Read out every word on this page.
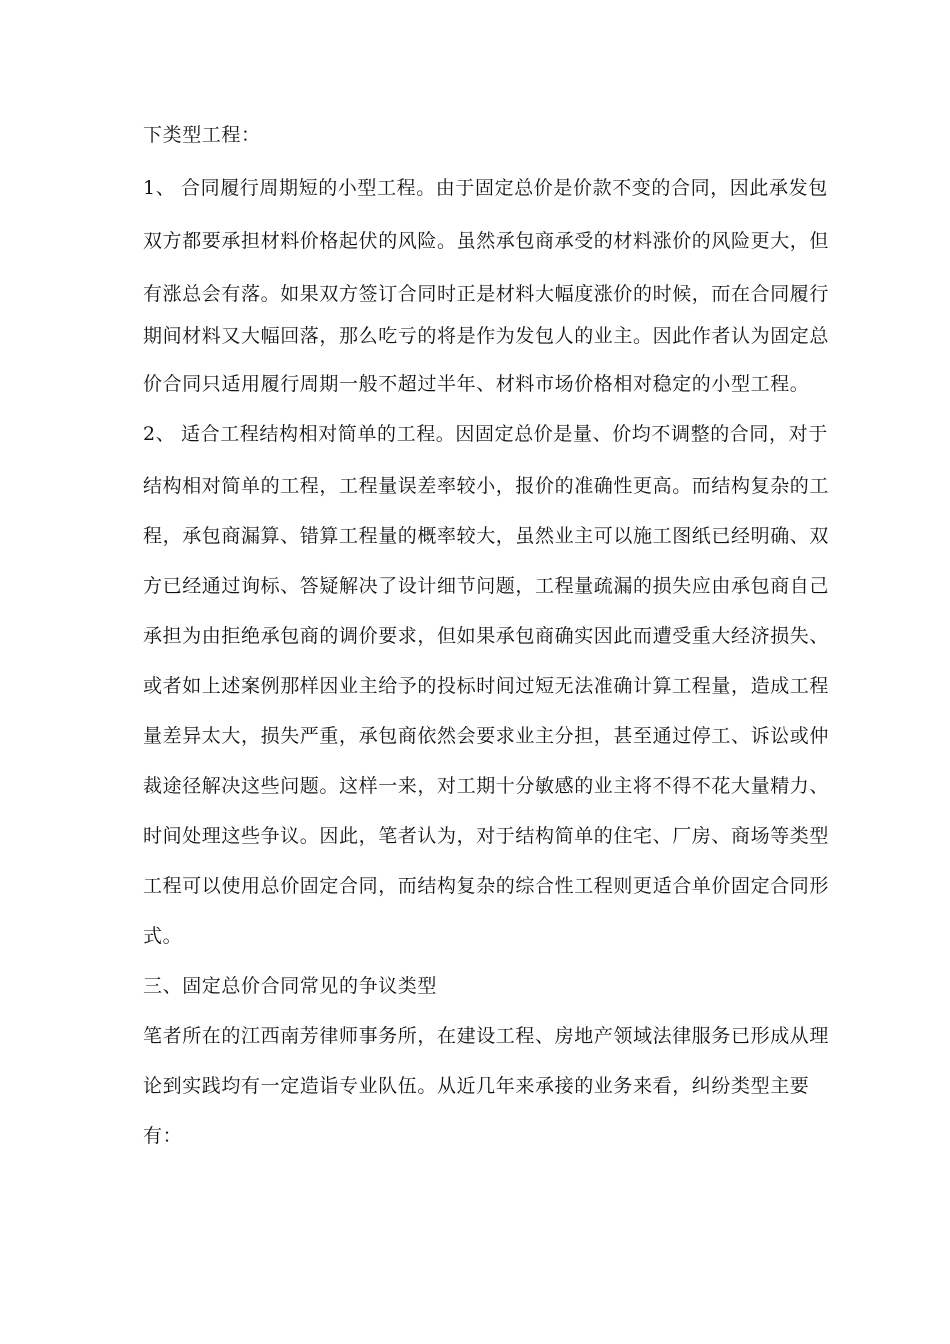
下类型工程：
1、 合同履行周期短的小型工程。由于固定总价是价款不变的合同，因此承发包
双方都要承担材料价格起伏的风险。虽然承包商承受的材料涨价的风险更大，但
有涨总会有落。如果双方签订合同时正是材料大幅度涨价的时候，而在合同履行
期间材料又大幅回落，那么吃亏的将是作为发包人的业主。因此作者认为固定总
价合同只适用履行周期一般不超过半年、材料市场价格相对稳定的小型工程。
2、 适合工程结构相对简单的工程。因固定总价是量、价均不调整的合同，对于
结构相对简单的工程，工程量误差率较小，报价的准确性更高。而结构复杂的工
程，承包商漏算、错算工程量的概率较大，虽然业主可以施工图纸已经明确、双
方已经通过询标、答疑解决了设计细节问题，工程量疏漏的损失应由承包商自己
承担为由拒绝承包商的调价要求，但如果承包商确实因此而遭受重大经济损失、
或者如上述案例那样因业主给予的投标时间过短无法准确计算工程量，造成工程
量差异太大，损失严重，承包商依然会要求业主分担，甚至通过停工、诉讼或仲
裁途径解决这些问题。这样一来，对工期十分敏感的业主将不得不花大量精力、
时间处理这些争议。因此，笔者认为，对于结构简单的住宅、厂房、商场等类型
工程可以使用总价固定合同，而结构复杂的综合性工程则更适合单价固定合同形
式。
三、固定总价合同常见的争议类型
笔者所在的江西南芳律师事务所，在建设工程、房地产领域法律服务已形成从理
论到实践均有一定造诣专业队伍。从近几年来承接的业务来看，纠纷类型主要
有：
